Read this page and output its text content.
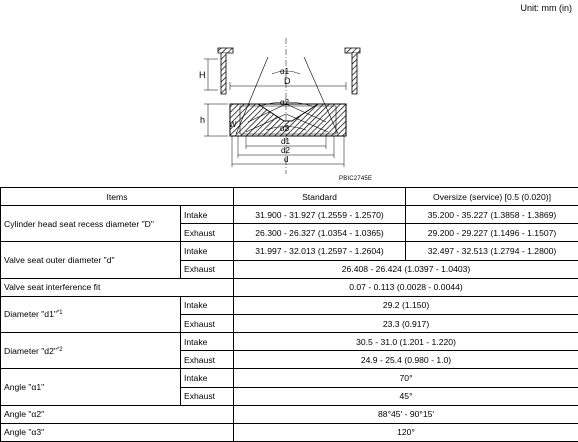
Unit: mm (in)
H
D
h	W
α1
α2
α3
d1
d2
d
PBIC2745E
Items		Standard	Oversize (service) [0.5 (0.020)]
Cylinder head seat recess diameter "D"	Intake	31.900 - 31.927 (1.2559 - 1.2570)	35.200 - 35.227 (1.3858 - 1.3869)
	Exhaust	26.300 - 26.327 (1.0354 - 1.0365)	29.200 - 29.227 (1.1496 - 1.1507)
Valve seat outer diameter "d"	Intake	31.997 - 32.013 (1.2597 - 1.2604)	32.497 - 32.513 (1.2794 - 1.2800)
	Exhaust	26.408 - 26.424 (1.0397 - 1.0403)	
Valve seat interference fit		0.07 - 0.113 (0.0028 - 0.0044)	
Diameter "d1"$^{*1}$	Intake	29.2 (1.150)	
	Exhaust	23.3 (0.917)	
Diameter "d2"$^{*2}$	Intake	30.5 - 31.0 (1.201 - 1.220)	
	Exhaust	24.9 - 25.4 (0.980 - 1.0)	
Angle "α1"	Intake	70°	
	Exhaust	45°	
Angle "α2"		88°45′ - 90°15′	
Angle "α3"		120°	
